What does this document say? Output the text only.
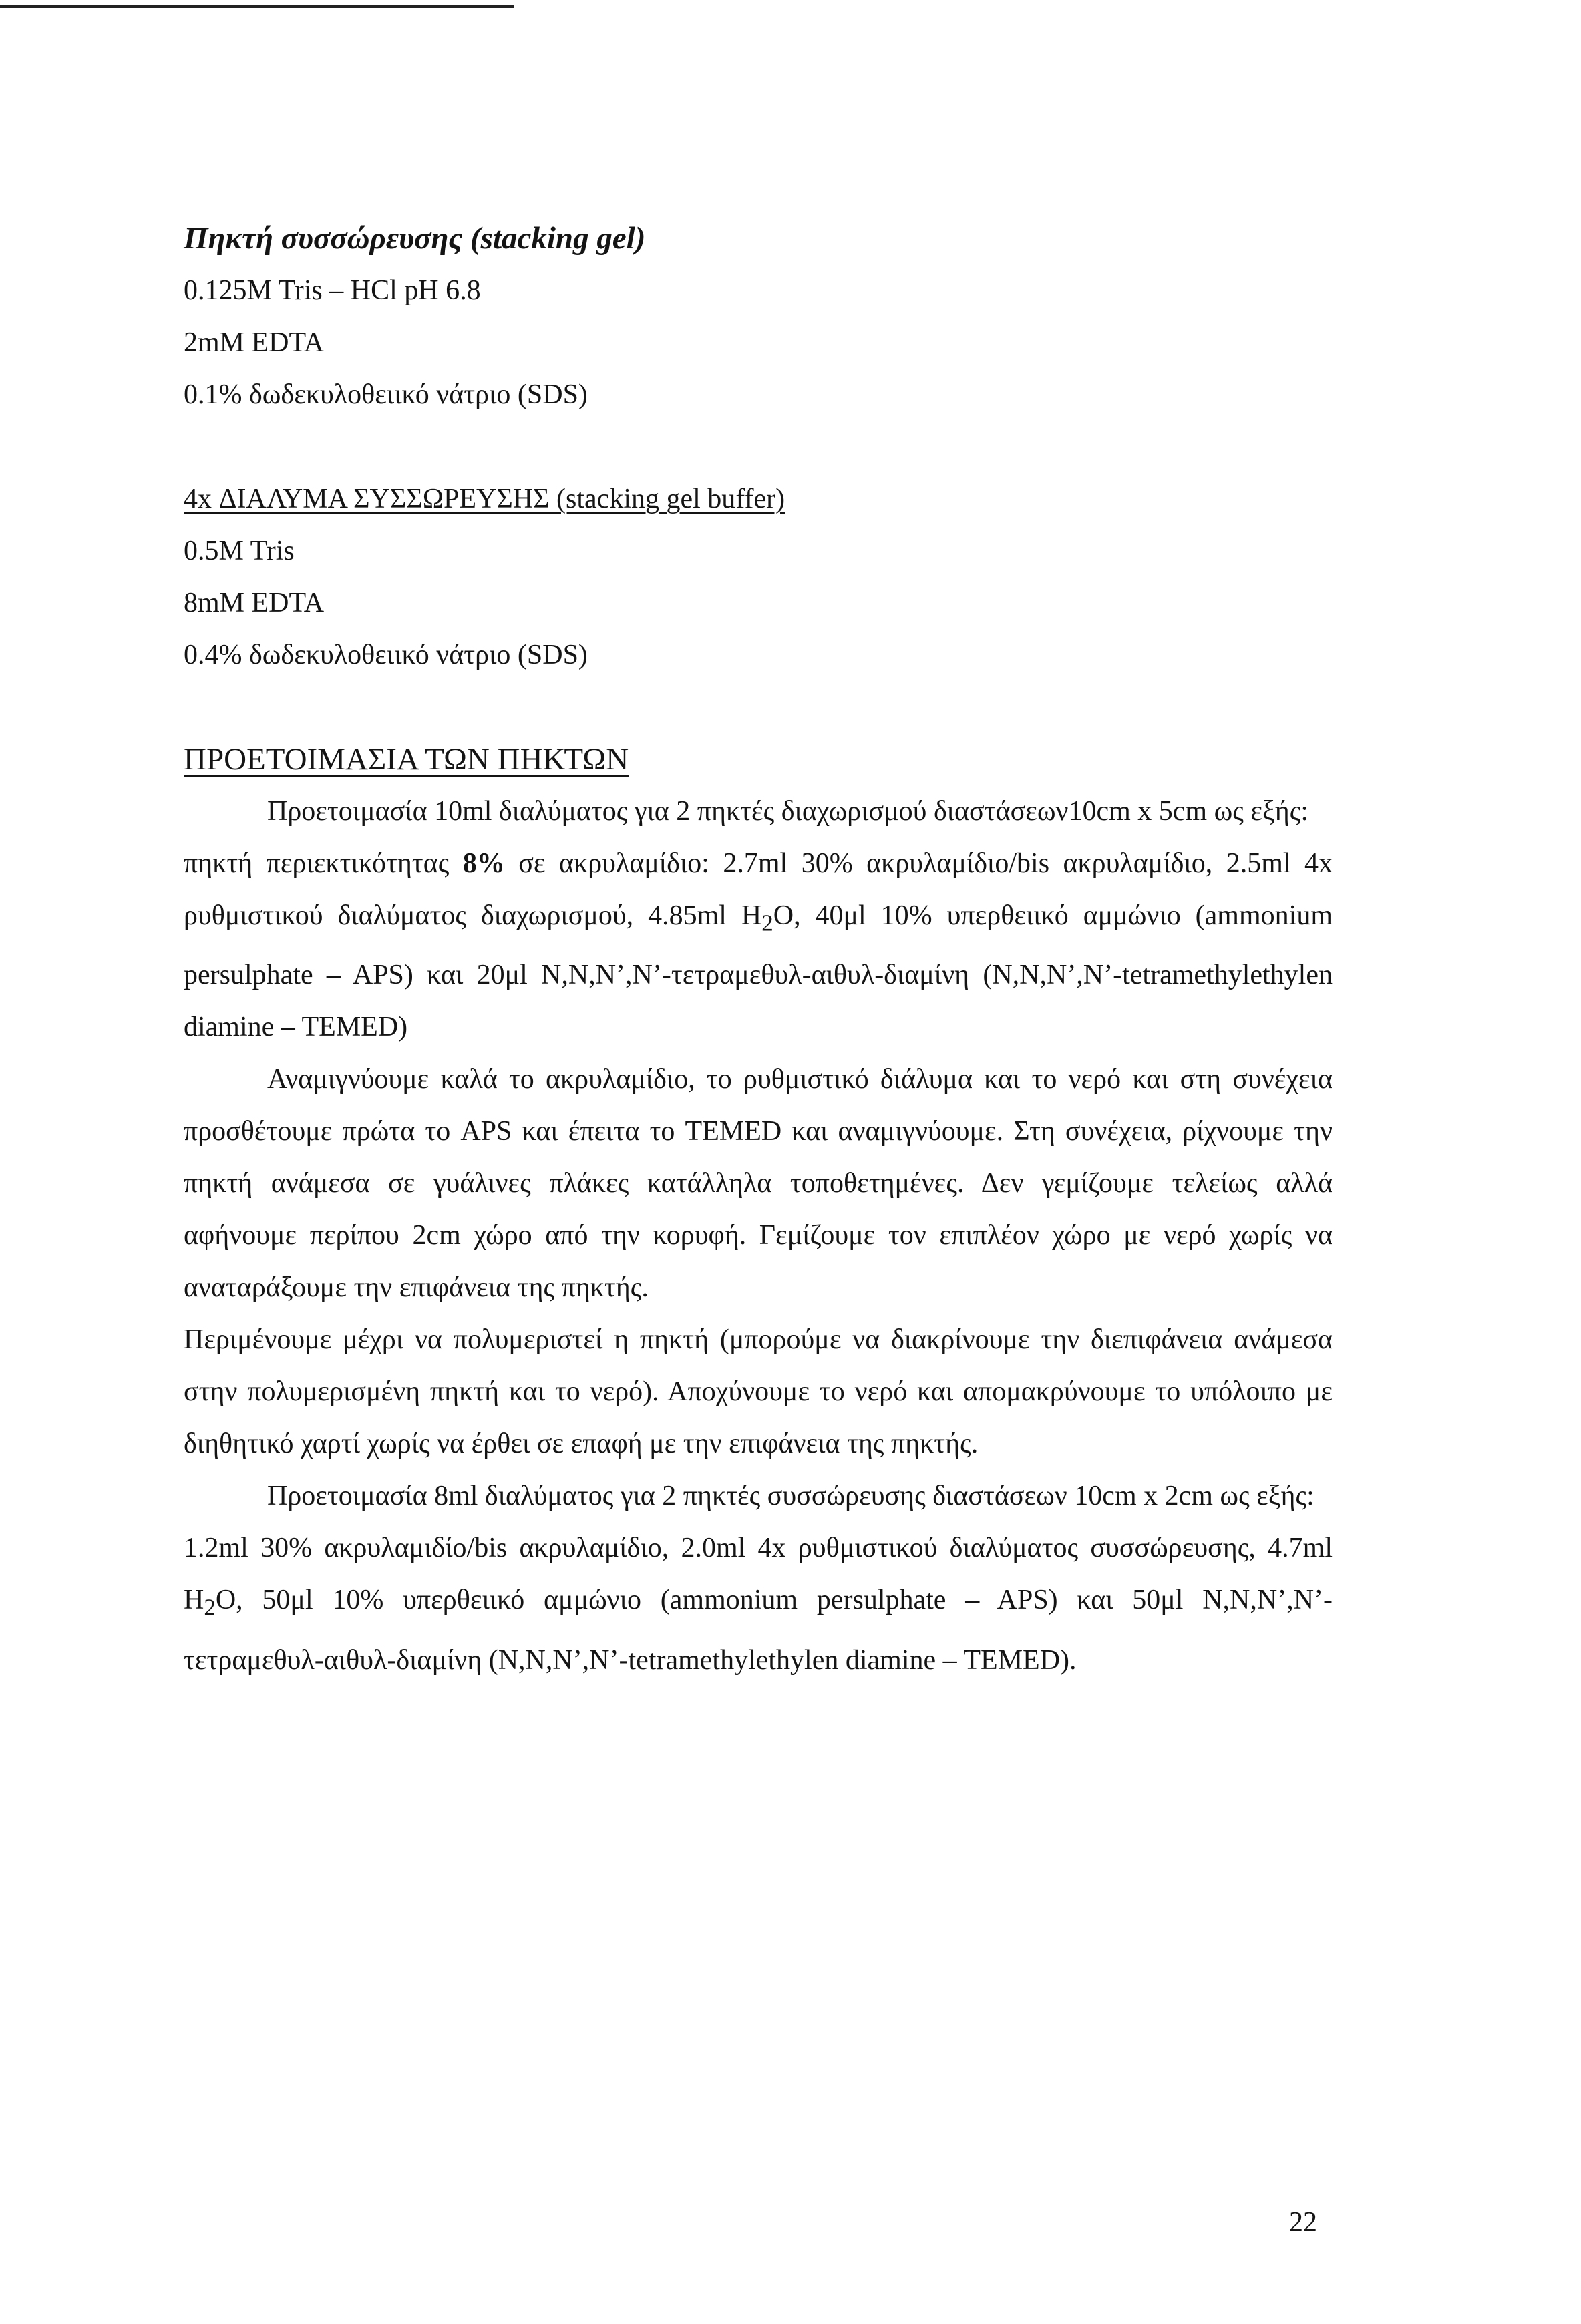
Πηκτή συσσώρευσης (stacking gel)
0.125M Tris – HCl pH 6.8
2mM EDTA
0.1% δωδεκυλοθειικό νάτριο (SDS)
4x ΔΙΑΛΥΜΑ ΣΥΣΣΩΡΕΥΣΗΣ (stacking gel buffer)
0.5M Tris
8mM EDTA
0.4% δωδεκυλοθειικό νάτριο (SDS)
ΠΡΟΕΤΟΙΜΑΣΙΑ ΤΩΝ ΠΗΚΤΩΝ

Προετοιμασία 10ml διαλύματος για 2 πηκτές διαχωρισμού διαστάσεων10cm x 5cm ως εξής:

πηκτή περιεκτικότητας 8% σε ακρυλαμίδιο: 2.7ml 30% ακρυλαμίδιο/bis ακρυλαμίδιο, 2.5ml 4x ρυθμιστικού διαλύματος διαχωρισμού, 4.85ml $H_2O$, 40μl 10% υπερθειικό αμμώνιο (ammonium persulphate – APS) και 20μl N,N,N’,N’-τετραμεθυλ-αιθυλ-διαμίνη (N,N,N’,N’-tetramethylethylen diamine – TEMED)

Αναμιγνύουμε καλά το ακρυλαμίδιο, το ρυθμιστικό διάλυμα και το νερό και στη συνέχεια προσθέτουμε πρώτα το APS και έπειτα το TEMED και αναμιγνύουμε. Στη συνέχεια, ρίχνουμε την πηκτή ανάμεσα σε γυάλινες πλάκες κατάλληλα τοποθετημένες. Δεν γεμίζουμε τελείως αλλά αφήνουμε περίπου 2cm χώρο από την κορυφή. Γεμίζουμε τον επιπλέον χώρο με νερό χωρίς να αναταράξουμε την επιφάνεια της πηκτής.

Περιμένουμε μέχρι να πολυμεριστεί η πηκτή (μπορούμε να διακρίνουμε την διεπιφάνεια ανάμεσα στην πολυμερισμένη πηκτή και το νερό). Αποχύνουμε το νερό και απομακρύνουμε το υπόλοιπο με διηθητικό χαρτί χωρίς να έρθει σε επαφή με την επιφάνεια της πηκτής.

Προετοιμασία 8ml διαλύματος για 2 πηκτές συσσώρευσης διαστάσεων 10cm x 2cm ως εξής:

1.2ml 30% ακρυλαμιδίο/bis ακρυλαμίδιο, 2.0ml 4x ρυθμιστικού διαλύματος συσσώρευσης, 4.7ml $H_2O$, 50μl 10% υπερθειικό αμμώνιο (ammonium persulphate – APS) και 50μl N,N,N’,N’-τετραμεθυλ-αιθυλ-διαμίνη (N,N,N’,N’-tetramethylethylen diamine – TEMED).

22
